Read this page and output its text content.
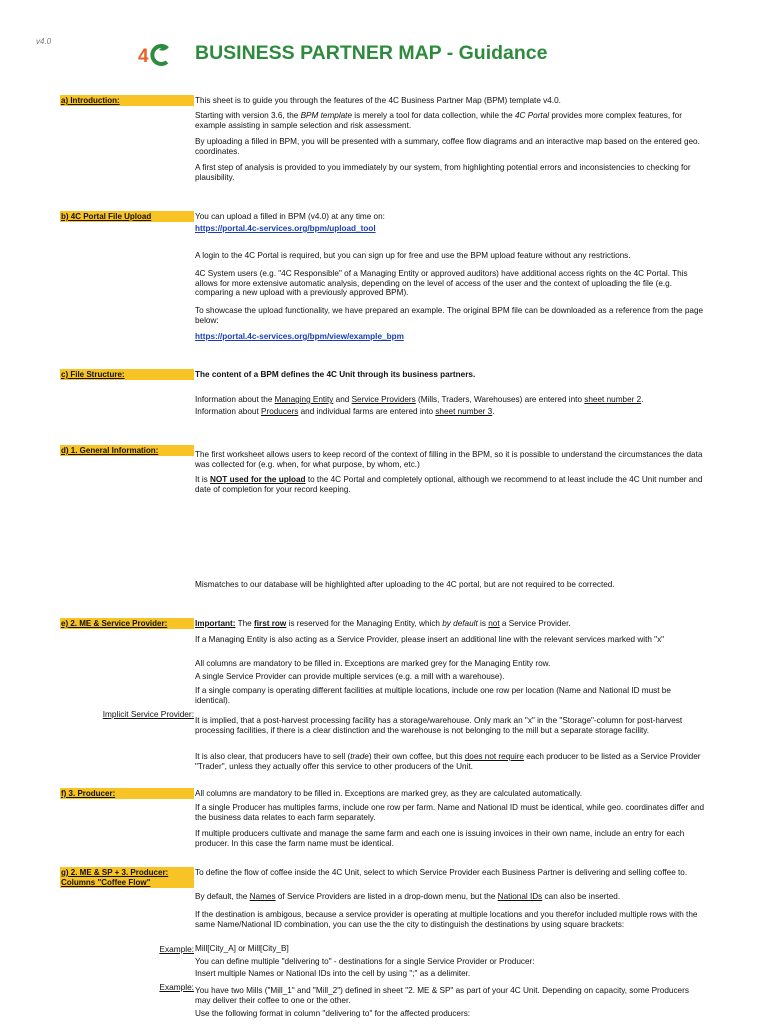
v4.0
4 BUSINESS PARTNER MAP - Guidance
a) Introduction:	This sheet is to guide you through the features of the 4C Business Partner Map (BPM) template v4.0.
Starting with version 3.6, the BPM template is merely a tool for data collection, while the 4C Portal provides more complex features, for example assisting in sample selection and risk assessment.
By uploading a filled in BPM, you will be presented with a summary, coffee flow diagrams and an interactive map based on the entered geo. coordinates.
A first step of analysis is provided to you immediately by our system, from highlighting potential errors and inconsistencies to checking for plausibility.
b) 4C Portal File Upload	You can upload a filled in BPM (v4.0) at any time on:
https://portal.4c-services.org/bpm/upload_tool
A login to the 4C Portal is required, but you can sign up for free and use the BPM upload feature without any restrictions.
4C System users (e.g. "4C Responsible" of a Managing Entity or approved auditors) have additional access rights on the 4C Portal. This allows for more extensive automatic analysis, depending on the level of access of the user and the context of uploading the file (e.g. comparing a new upload with a previously approved BPM).
To showcase the upload functionality, we have prepared an example. The original BPM file can be downloaded as a reference from the page below:
https://portal.4c-services.org/bpm/view/example_bpm
c) File Structure:	The content of a BPM defines the 4C Unit through its business partners.
Information about the Managing Entity and Service Providers (Mills, Traders, Warehouses) are entered into sheet number 2.
Information about Producers and individual farms are entered into sheet number 3.
d) 1. General Information:	The first worksheet allows users to keep record of the context of filling in the BPM, so it is possible to understand the circumstances the data was collected for (e.g. when, for what purpose, by whom, etc.)
It is NOT used for the upload to the 4C Portal and completely optional, although we recommend to at least include the 4C Unit number and date of completion for your record keeping.
Mismatches to our database will be highlighted after uploading to the 4C portal, but are not required to be corrected.
e) 2. ME & Service Provider:	Important: The first row is reserved for the Managing Entity, which by default is not a Service Provider.
If a Managing Entity is also acting as a Service Provider, please insert an additional line with the relevant services marked with "x"
All columns are mandatory to be filled in. Exceptions are marked grey for the Managing Entity row.
A single Service Provider can provide multiple services (e.g. a mill with a warehouse).
If a single company is operating different facilities at multiple locations, include one row per location (Name and National ID must be identical).
Implicit Service Provider:
It is implied, that a post-harvest processing facility has a storage/warehouse. Only mark an "x" in the "Storage"-column for post-harvest processing facilities, if there is a clear distinction and the warehouse is not belonging to the mill but a separate storage facility.
It is also clear, that producers have to sell (trade) their own coffee, but this does not require each producer to be listed as a Service Provider "Trader", unless they actually offer this service to other producers of the Unit.
f) 3. Producer:	All columns are mandatory to be filled in. Exceptions are marked grey, as they are calculated automatically.
If a single Producer has multiples farms, include one row per farm. Name and National ID must be identical, while geo. coordinates differ and the business data relates to each farm separately.
If multiple producers cultivate and manage the same farm and each one is issuing invoices in their own name, include an entry for each producer. In this case the farm name must be identical.
g) 2. ME & SP + 3. Producer: Columns "Coffee Flow"
To define the flow of coffee inside the 4C Unit, select to which Service Provider each Business Partner is delivering and selling coffee to.
By default, the Names of Service Providers are listed in a drop-down menu, but the National IDs can also be inserted.
If the destination is ambigous, because a service provider is operating at multiple locations and you therefor included multiple rows with the same Name/National ID combination, you can use the the city to distinguish the destinations by using square brackets:
Example: Mill[City_A] or Mill[City_B]
You can define multiple "delivering to" - destinations for a single Service Provider or Producer:
Insert multiple Names or National IDs into the cell by using ";" as a delimiter.
Example: You have two Mills ("Mill_1" and "Mill_2") defined in sheet "2. ME & SP" as part of your 4C Unit. Depending on capacity, some Producers may deliver their coffee to one or the other.
Use the following format in column "delivering to" for the affected producers:
